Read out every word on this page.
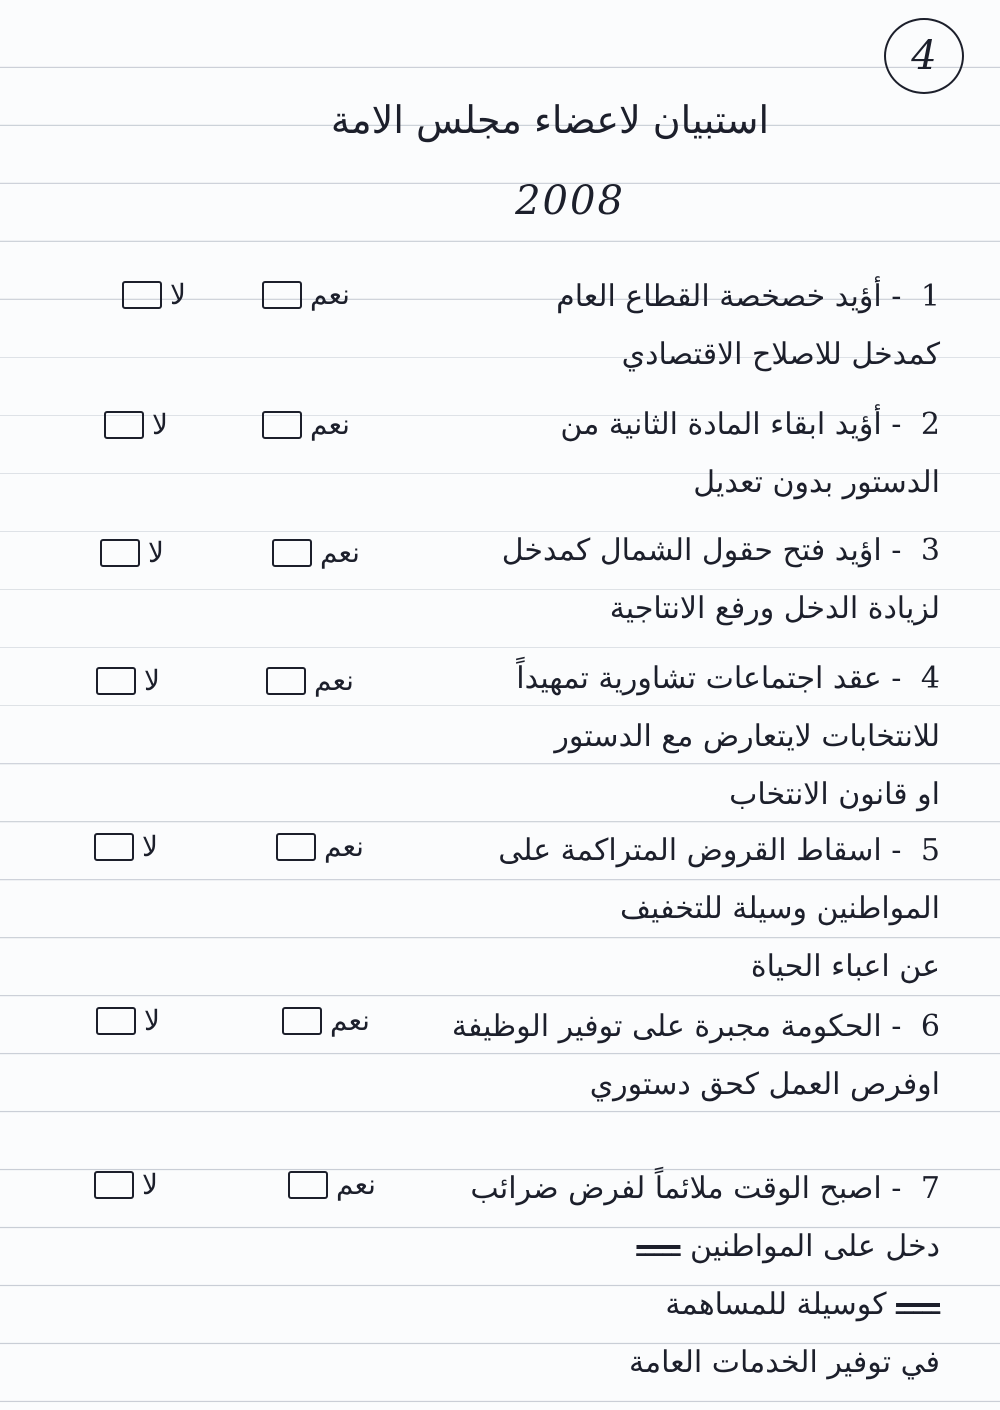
4
استبيان لاعضاء مجلس الامة
2008
1 - أؤيد خصخصة القطاع العام
كمدخل للاصلاح الاقتصادي
نعم
لا
2 - أؤيد ابقاء المادة الثانية من
الدستور بدون تعديل
نعم
لا
3 - اؤيد فتح حقول الشمال كمدخل
لزيادة الدخل ورفع الانتاجية
نعم
لا
4 - عقد اجتماعات تشاورية تمهيداً
للانتخابات لايتعارض مع الدستور
او قانون الانتخاب
نعم
لا
5 - اسقاط القروض المتراكمة على
المواطنين وسيلة للتخفيف
عن اعباء الحياة
نعم
لا
6 - الحكومة مجبرة على توفير الوظيفة
اوفرص العمل كحق دستوري
نعم
لا
7 - اصبح الوقت ملائماً لفرض ضرائب
دخل على المواطنين ـــــ
ـــــ كوسيلة للمساهمة
في توفير الخدمات العامة
نعم
لا
